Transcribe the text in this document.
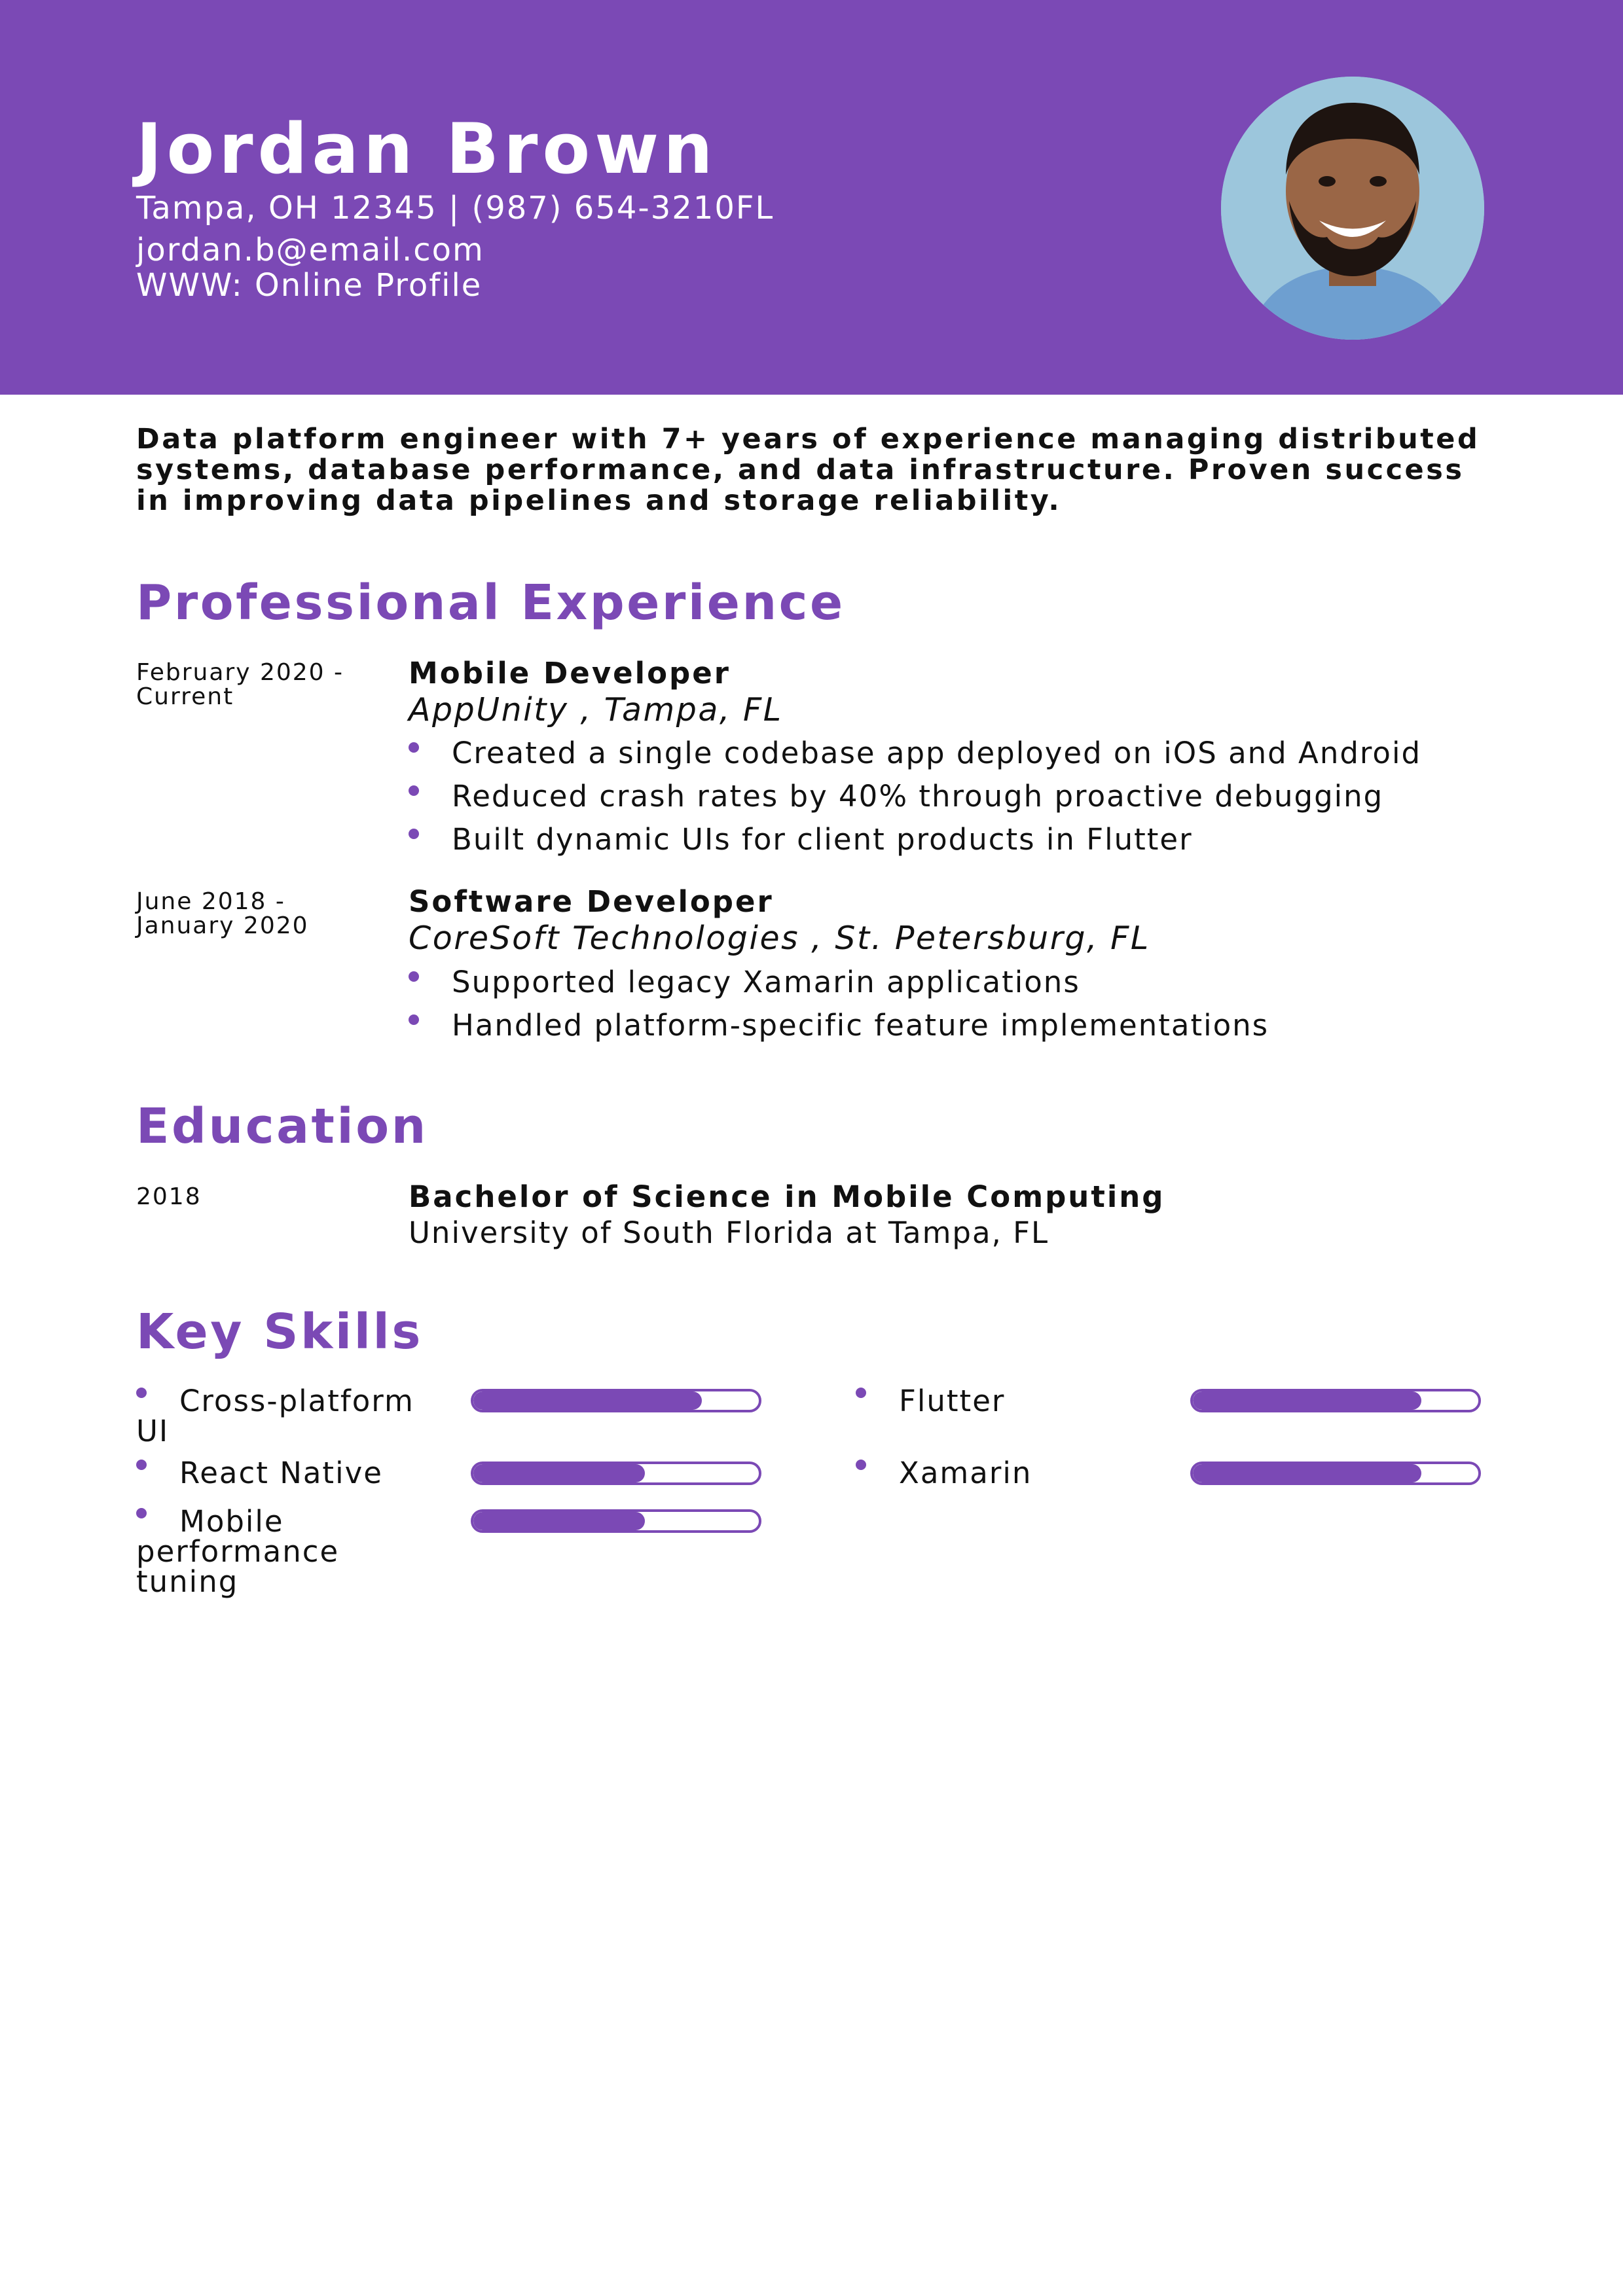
Jordan Brown
Tampa, OH 12345 | (987) 654-3210FL
jordan.b@email.com
WWW: Online Profile

Data platform engineer with 7+ years of experience managing distributed systems, database performance, and data infrastructure. Proven success in improving data pipelines and storage reliability.

Professional Experience
February 2020 - Current
Mobile Developer
AppUnity , Tampa, FL
Created a single codebase app deployed on iOS and Android
Reduced crash rates by 40% through proactive debugging
Built dynamic UIs for client products in Flutter
June 2018 - January 2020
Software Developer
CoreSoft Technologies , St. Petersburg, FL
Supported legacy Xamarin applications
Handled platform-specific feature implementations
Education
2018	Bachelor of Science in Mobile Computing
University of South Florida at Tampa, FL
Key Skills
Cross-platform UI
Flutter
React Native	Xamarin
Mobile performance tuning
